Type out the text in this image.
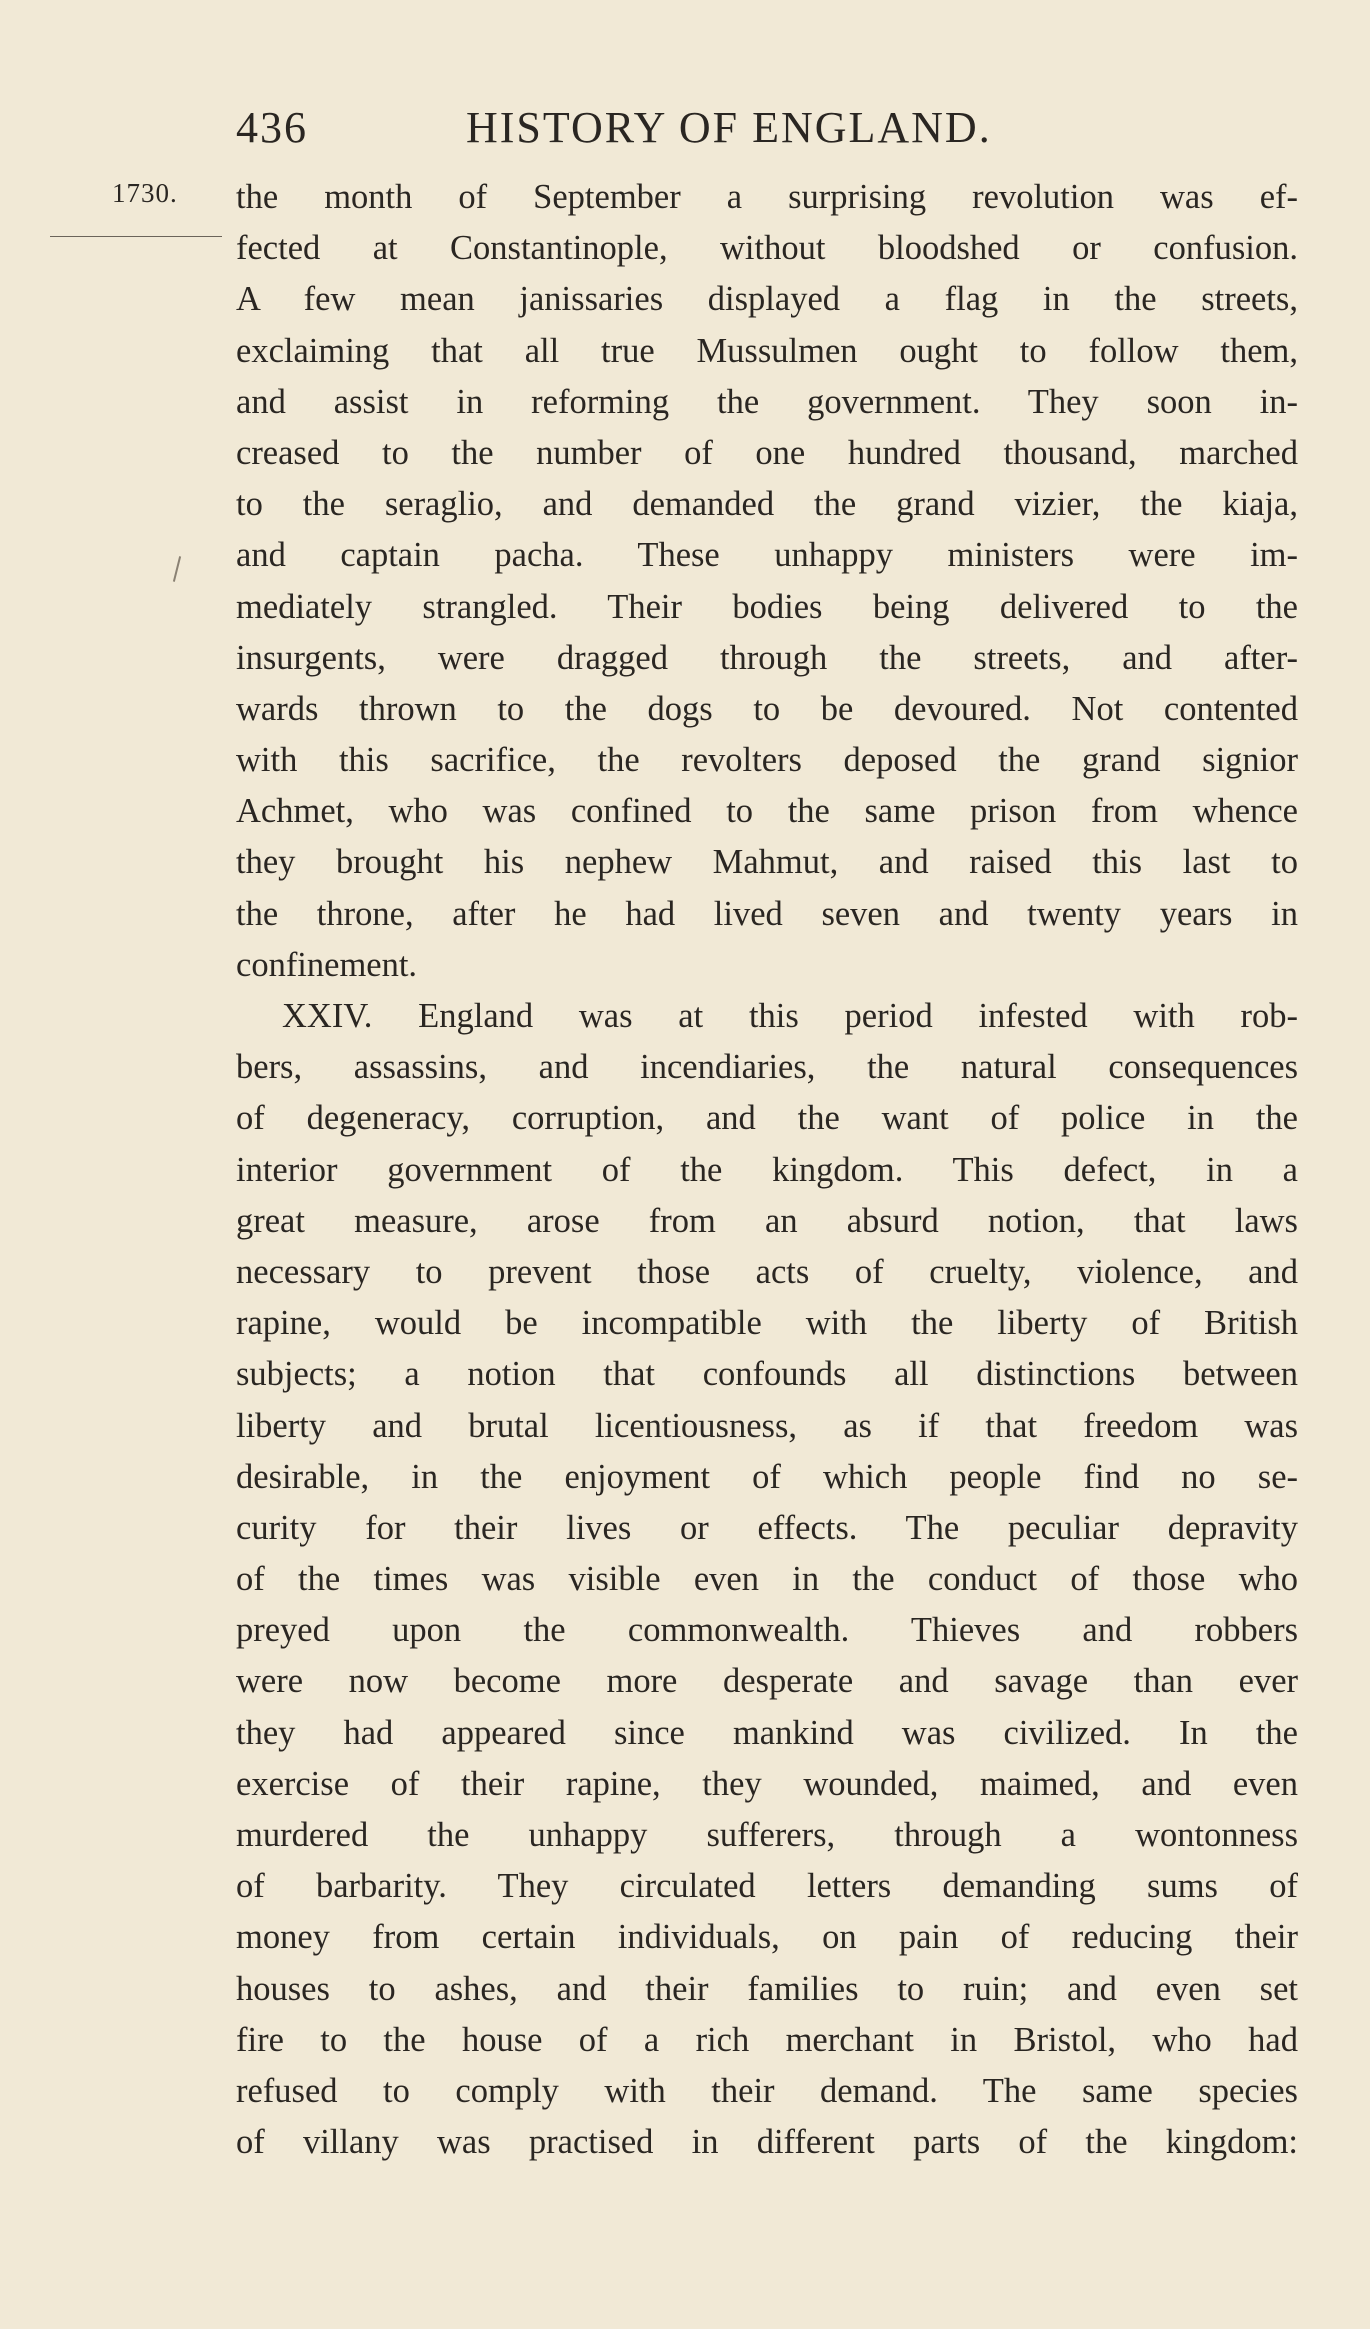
436	HISTORY OF ENGLAND.
1730. the month of September a surprising revolution was ef-
fected at Constantinople, without bloodshed or confusion.
A few mean janissaries displayed a flag in the streets,
exclaiming that all true Mussulmen ought to follow them,
and assist in reforming the government. They soon in-
creased to the number of one hundred thousand, marched
to the seraglio, and demanded the grand vizier, the kiaja,
and captain pacha. These unhappy ministers were im-
mediately strangled. Their bodies being delivered to the
insurgents, were dragged through the streets, and after-
wards thrown to the dogs to be devoured. Not contented
with this sacrifice, the revolters deposed the grand signior
Achmet, who was confined to the same prison from whence
they brought his nephew Mahmut, and raised this last to
the throne, after he had lived seven and twenty years in
confinement.
XXIV. England was at this period infested with rob-
bers, assassins, and incendiaries, the natural consequences
of degeneracy, corruption, and the want of police in the
interior government of the kingdom. This defect, in a
great measure, arose from an absurd notion, that laws
necessary to prevent those acts of cruelty, violence, and
rapine, would be incompatible with the liberty of British
subjects; a notion that confounds all distinctions between
liberty and brutal licentiousness, as if that freedom was
desirable, in the enjoyment of which people find no se-
curity for their lives or effects. The peculiar depravity
of the times was visible even in the conduct of those who
preyed upon the commonwealth. Thieves and robbers
were now become more desperate and savage than ever
they had appeared since mankind was civilized. In the
exercise of their rapine, they wounded, maimed, and even
murdered the unhappy sufferers, through a wontonness
of barbarity. They circulated letters demanding sums of
money from certain individuals, on pain of reducing their
houses to ashes, and their families to ruin; and even set
fire to the house of a rich merchant in Bristol, who had
refused to comply with their demand. The same species
of villany was practised in different parts of the kingdom:
